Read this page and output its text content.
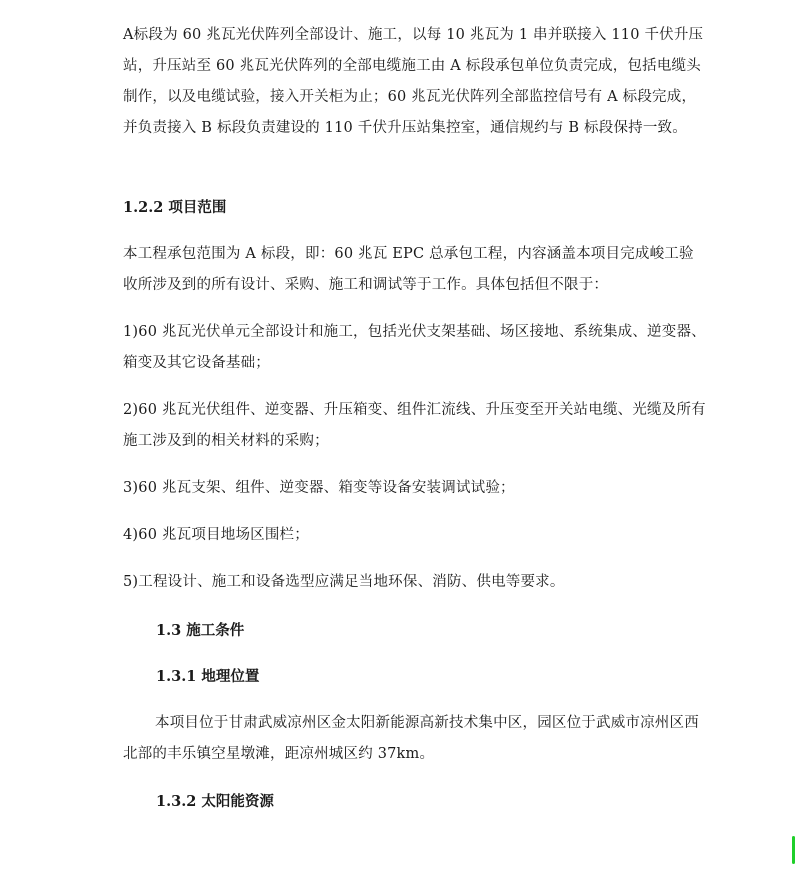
A标段为 60 兆瓦光伏阵列全部设计、施工，以每 10 兆瓦为 1 串并联接入 110 千伏升压站，升压站至 60 兆瓦光伏阵列的全部电缆施工由 A 标段承包单位负责完成，包括电缆头制作，以及电缆试验，接入开关柜为止；60 兆瓦光伏阵列全部监控信号有 A 标段完成，并负责接入 B 标段负责建设的 110 千伏升压站集控室，通信规约与 B 标段保持一致。

1.2.2 项目范围

本工程承包范围为 A 标段，即：60 兆瓦 EPC 总承包工程，内容涵盖本项目完成峻工验收所涉及到的所有设计、采购、施工和调试等于工作。具体包括但不限于：

1)60 兆瓦光伏单元全部设计和施工，包括光伏支架基础、场区接地、系统集成、逆变器、箱变及其它设备基础；

2)60 兆瓦光伏组件、逆变器、升压箱变、组件汇流线、升压变至开关站电缆、光缆及所有施工涉及到的相关材料的采购；

3)60 兆瓦支架、组件、逆变器、箱变等设备安装调试试验；

4)60 兆瓦项目地场区围栏；

5)工程设计、施工和设备选型应满足当地环保、消防、供电等要求。

1.3 施工条件

1.3.1 地理位置

本项目位于甘肃武威凉州区金太阳新能源高新技术集中区，园区位于武威市凉州区西北部的丰乐镇空星墩滩，距凉州城区约 37km。

1.3.2 太阳能资源
